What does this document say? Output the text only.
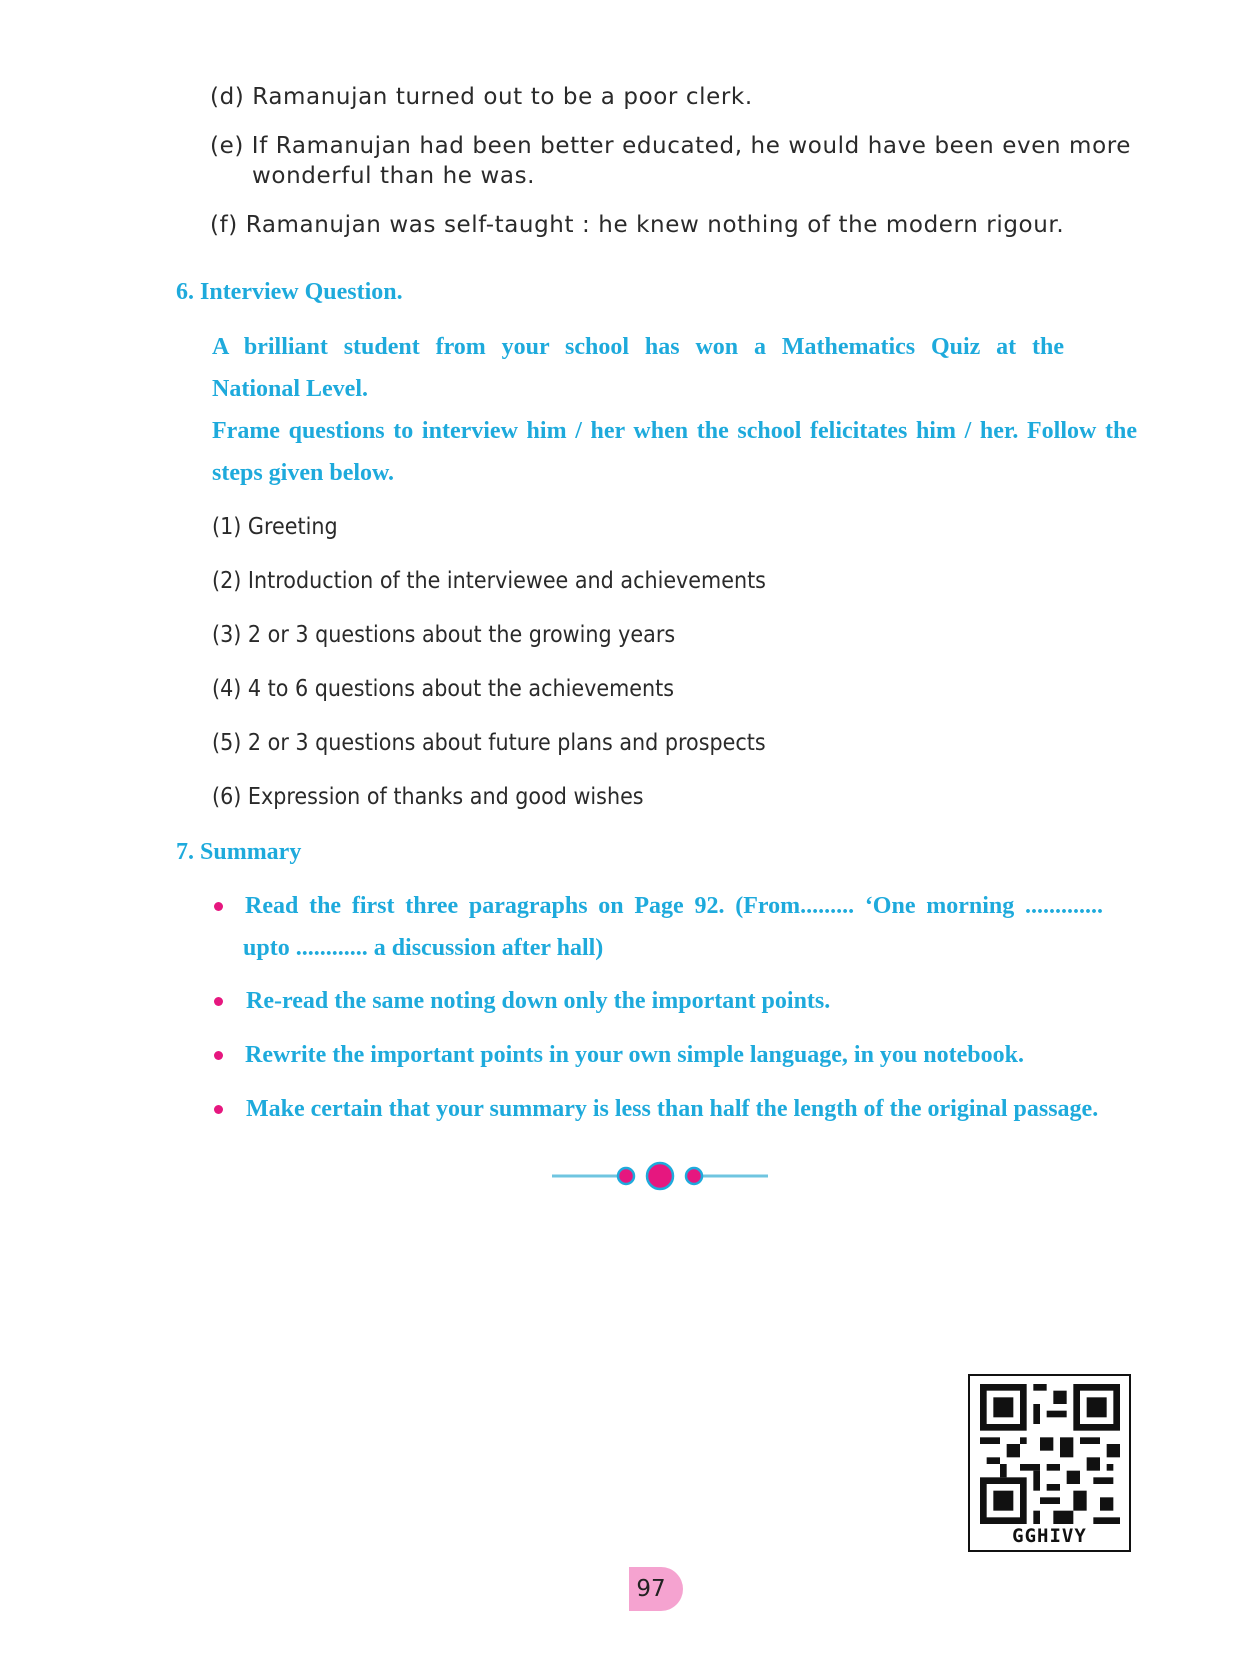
(d) Ramanujan turned out to be a poor clerk.
(e) If Ramanujan had been better educated, he would have been even more
wonderful than he was.
(f) Ramanujan was self-taught : he knew nothing of the modern rigour.
6. Interview Question.
A brilliant student from your school has won a Mathematics Quiz at the
National Level.
Frame questions to interview him / her when the school felicitates him / her. Follow the
steps given below.
(1) Greeting
(2) Introduction of the interviewee and achievements
(3) 2 or 3 questions about the growing years
(4) 4 to 6 questions about the achievements
(5) 2 or 3 questions about future plans and prospects
(6) Expression of thanks and good wishes
7. Summary
Read the first three paragraphs on Page 92. (From......... ‘One morning .............
upto ............ a discussion after hall)
Re-read the same noting down only the important points.
Rewrite the important points in your own simple language, in you notebook.
Make certain that your summary is less than half the length of the original passage.
GGHIVY
97
